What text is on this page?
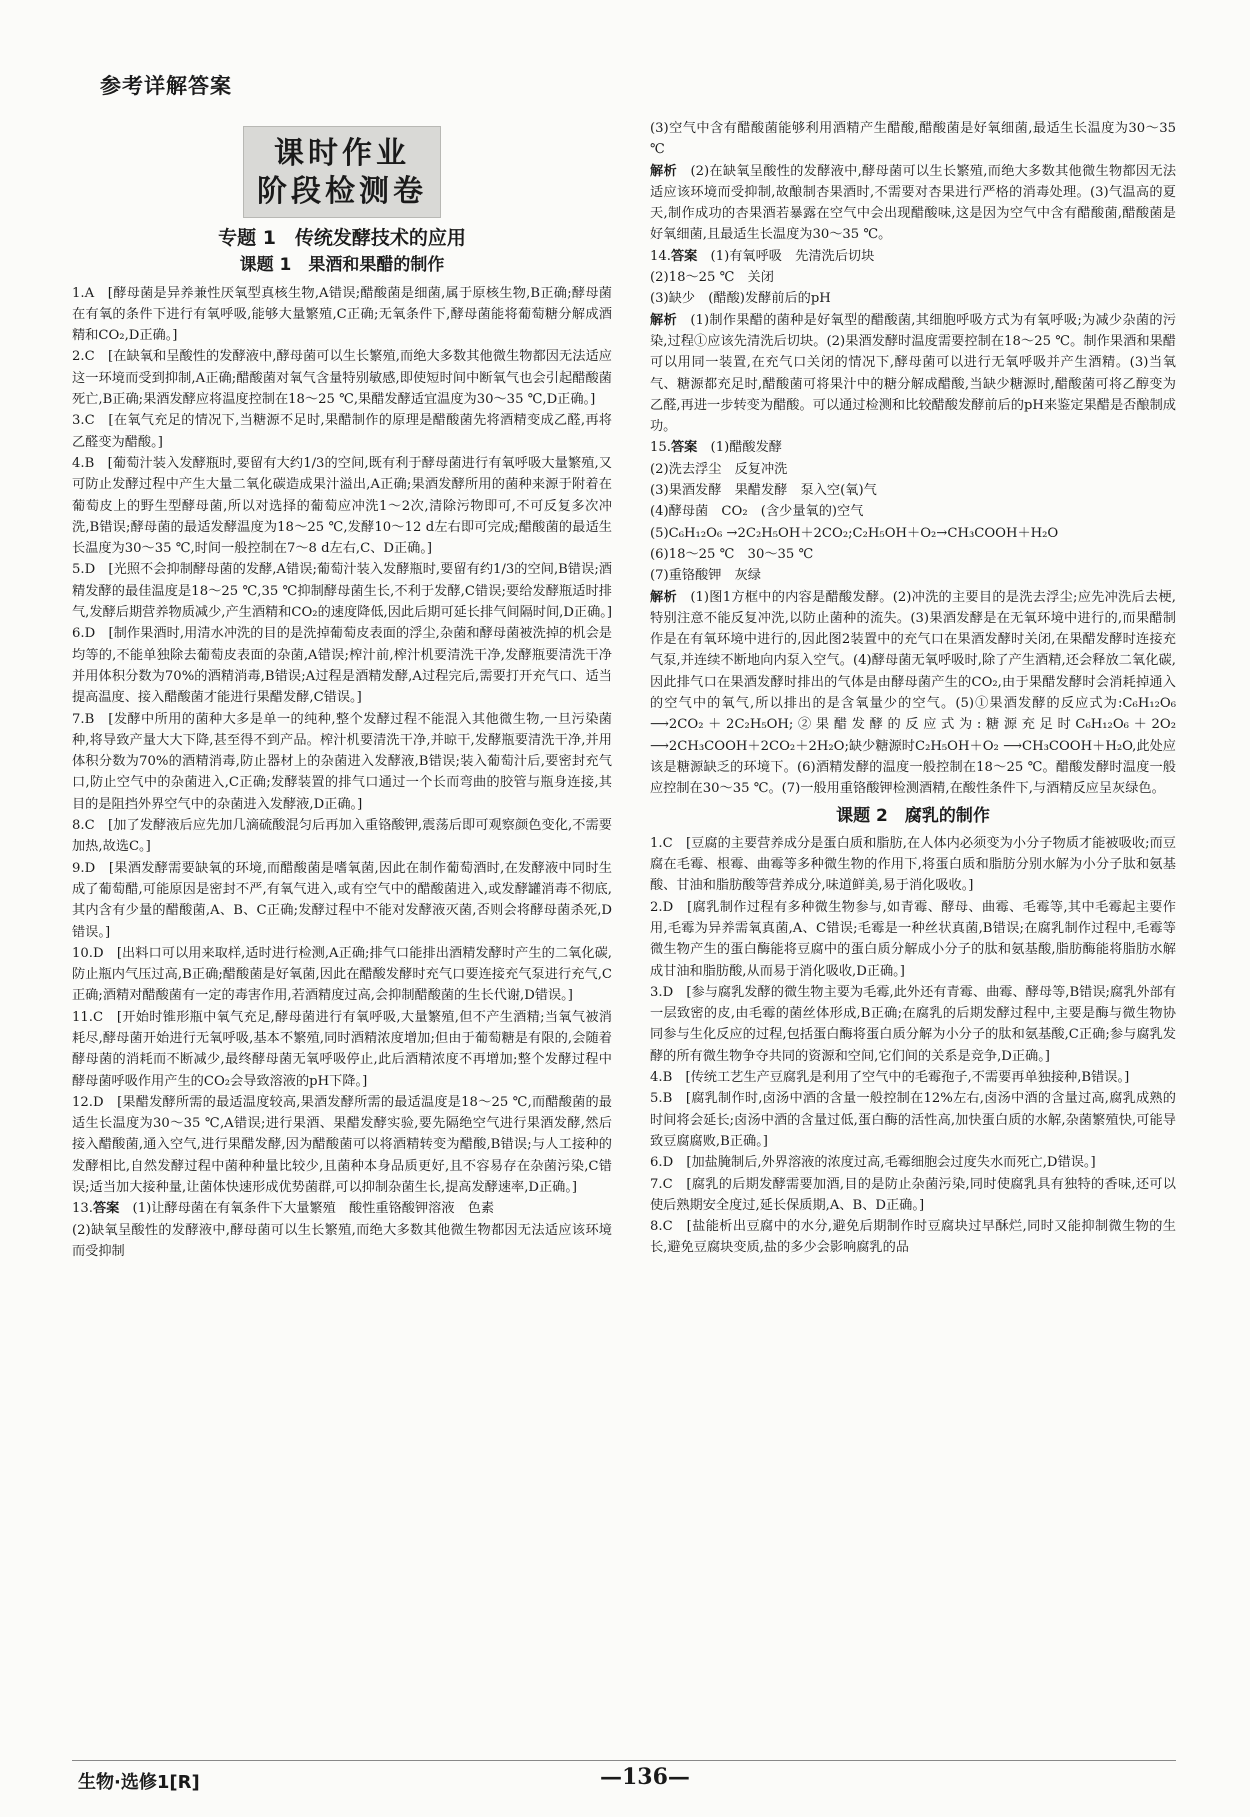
参考详解答案
课时作业
阶段检测卷
专题 1　传统发酵技术的应用
课题 1　果酒和果醋的制作

1.A　[酵母菌是异养兼性厌氧型真核生物,A错误;醋酸菌是细菌,属于原核生物,B正确;酵母菌在有氧的条件下进行有氧呼吸,能够大量繁殖,C正确;无氧条件下,酵母菌能将葡萄糖分解成酒精和CO₂,D正确。]

2.C　[在缺氧和呈酸性的发酵液中,酵母菌可以生长繁殖,而绝大多数其他微生物都因无法适应这一环境而受到抑制,A正确;醋酸菌对氧气含量特别敏感,即使短时间中断氧气也会引起醋酸菌死亡,B正确;果酒发酵应将温度控制在18～25 ℃,果醋发酵适宜温度为30～35 ℃,D正确。]

3.C　[在氧气充足的情况下,当糖源不足时,果醋制作的原理是醋酸菌先将酒精变成乙醛,再将乙醛变为醋酸。]

4.B　[葡萄汁装入发酵瓶时,要留有大约1/3的空间,既有利于酵母菌进行有氧呼吸大量繁殖,又可防止发酵过程中产生大量二氧化碳造成果汁溢出,A正确;果酒发酵所用的菌种来源于附着在葡萄皮上的野生型酵母菌,所以对选择的葡萄应冲洗1～2次,清除污物即可,不可反复多次冲洗,B错误;酵母菌的最适发酵温度为18～25 ℃,发酵10～12 d左右即可完成;醋酸菌的最适生长温度为30～35 ℃,时间一般控制在7～8 d左右,C、D正确。]

5.D　[光照不会抑制酵母菌的发酵,A错误;葡萄汁装入发酵瓶时,要留有约1/3的空间,B错误;酒精发酵的最佳温度是18～25 ℃,35 ℃抑制酵母菌生长,不利于发酵,C错误;要给发酵瓶适时排气,发酵后期营养物质减少,产生酒精和CO₂的速度降低,因此后期可延长排气间隔时间,D正确。]

6.D　[制作果酒时,用清水冲洗的目的是洗掉葡萄皮表面的浮尘,杂菌和酵母菌被洗掉的机会是均等的,不能单独除去葡萄皮表面的杂菌,A错误;榨汁前,榨汁机要清洗干净,发酵瓶要清洗干净并用体积分数为70%的酒精消毒,B错误;A过程是酒精发酵,A过程完后,需要打开充气口、适当提高温度、接入醋酸菌才能进行果醋发酵,C错误。]

7.B　[发酵中所用的菌种大多是单一的纯种,整个发酵过程不能混入其他微生物,一旦污染菌种,将导致产量大大下降,甚至得不到产品。榨汁机要清洗干净,并晾干,发酵瓶要清洗干净,并用体积分数为70%的酒精消毒,防止器材上的杂菌进入发酵液,B错误;装入葡萄汁后,要密封充气口,防止空气中的杂菌进入,C正确;发酵装置的排气口通过一个长而弯曲的胶管与瓶身连接,其目的是阻挡外界空气中的杂菌进入发酵液,D正确。]

8.C　[加了发酵液后应先加几滴硫酸混匀后再加入重铬酸钾,震荡后即可观察颜色变化,不需要加热,故选C。]

9.D　[果酒发酵需要缺氧的环境,而醋酸菌是嗜氧菌,因此在制作葡萄酒时,在发酵液中同时生成了葡萄醋,可能原因是密封不严,有氧气进入,或有空气中的醋酸菌进入,或发酵罐消毒不彻底,其内含有少量的醋酸菌,A、B、C正确;发酵过程中不能对发酵液灭菌,否则会将酵母菌杀死,D错误。]

10.D　[出料口可以用来取样,适时进行检测,A正确;排气口能排出酒精发酵时产生的二氧化碳,防止瓶内气压过高,B正确;醋酸菌是好氧菌,因此在醋酸发酵时充气口要连接充气泵进行充气,C正确;酒精对醋酸菌有一定的毒害作用,若酒精度过高,会抑制醋酸菌的生长代谢,D错误。]

11.C　[开始时锥形瓶中氧气充足,酵母菌进行有氧呼吸,大量繁殖,但不产生酒精;当氧气被消耗尽,酵母菌开始进行无氧呼吸,基本不繁殖,同时酒精浓度增加;但由于葡萄糖是有限的,会随着酵母菌的消耗而不断减少,最终酵母菌无氧呼吸停止,此后酒精浓度不再增加;整个发酵过程中酵母菌呼吸作用产生的CO₂会导致溶液的pH下降。]

12.D　[果醋发酵所需的最适温度较高,果酒发酵所需的最适温度是18～25 ℃,而醋酸菌的最适生长温度为30～35 ℃,A错误;进行果酒、果醋发酵实验,要先隔绝空气进行果酒发酵,然后接入醋酸菌,通入空气,进行果醋发酵,因为醋酸菌可以将酒精转变为醋酸,B错误;与人工接种的发酵相比,自然发酵过程中菌种种量比较少,且菌种本身品质更好,且不容易存在杂菌污染,C错误;适当加大接种量,让菌体快速形成优势菌群,可以抑制杂菌生长,提高发酵速率,D正确。]

13.答案　 (1)让酵母菌在有氧条件下大量繁殖　酸性重铬酸钾溶液　色素

(2)缺氧呈酸性的发酵液中,酵母菌可以生长繁殖,而绝大多数其他微生物都因无法适应该环境而受抑制

(3)空气中含有醋酸菌能够利用酒精产生醋酸,醋酸菌是好氧细菌,最适生长温度为30～35 ℃

解析　 (2)在缺氧呈酸性的发酵液中,酵母菌可以生长繁殖,而绝大多数其他微生物都因无法适应该环境而受抑制,故酿制杏果酒时,不需要对杏果进行严格的消毒处理。(3)气温高的夏天,制作成功的杏果酒若暴露在空气中会出现醋酸味,这是因为空气中含有醋酸菌,醋酸菌是好氧细菌,且最适生长温度为30～35 ℃。

14.答案　 (1)有氧呼吸　先清洗后切块

(2)18～25 ℃　关闭

(3)缺少　(醋酸)发酵前后的pH

解析　 (1)制作果醋的菌种是好氧型的醋酸菌,其细胞呼吸方式为有氧呼吸;为减少杂菌的污染,过程①应该先清洗后切块。(2)果酒发酵时温度需要控制在18～25 ℃。制作果酒和果醋可以用同一装置,在充气口关闭的情况下,酵母菌可以进行无氧呼吸并产生酒精。(3)当氧气、糖源都充足时,醋酸菌可将果汁中的糖分解成醋酸,当缺少糖源时,醋酸菌可将乙醇变为乙醛,再进一步转变为醋酸。可以通过检测和比较醋酸发酵前后的pH来鉴定果醋是否酿制成功。

15.答案　 (1)醋酸发酵

(2)洗去浮尘　反复冲洗

(3)果酒发酵　果醋发酵　泵入空(氧)气

(4)酵母菌　CO₂　(含少量氧的)空气

(5)C₆H₁₂O₆ →2C₂H₅OH＋2CO₂;C₂H₅OH＋O₂→CH₃COOH＋H₂O

(6)18～25 ℃　30～35 ℃

(7)重铬酸钾　灰绿

解析　 (1)图1方框中的内容是醋酸发酵。(2)冲洗的主要目的是洗去浮尘;应先冲洗后去梗,特别注意不能反复冲洗,以防止菌种的流失。(3)果酒发酵是在无氧环境中进行的,而果醋制作是在有氧环境中进行的,因此图2装置中的充气口在果酒发酵时关闭,在果醋发酵时连接充气泵,并连续不断地向内泵入空气。(4)酵母菌无氧呼吸时,除了产生酒精,还会释放二氧化碳,因此排气口在果酒发酵时排出的气体是由酵母菌产生的CO₂,由于果醋发酵时会消耗掉通入的空气中的氧气,所以排出的是含氧量少的空气。(5)①果酒发酵的反应式为:C₆H₁₂O₆ ⟶2CO₂＋2C₂H₅OH;②果醋发酵的反应式为:糖源充足时C₆H₁₂O₆＋2O₂ ⟶2CH₃COOH＋2CO₂＋2H₂O;缺少糖源时C₂H₅OH＋O₂ ⟶CH₃COOH＋H₂O,此处应该是糖源缺乏的环境下。(6)酒精发酵的温度一般控制在18～25 ℃。醋酸发酵时温度一般应控制在30～35 ℃。(7)一般用重铬酸钾检测酒精,在酸性条件下,与酒精反应呈灰绿色。

课题 2　腐乳的制作

1.C　[豆腐的主要营养成分是蛋白质和脂肪,在人体内必须变为小分子物质才能被吸收;而豆腐在毛霉、根霉、曲霉等多种微生物的作用下,将蛋白质和脂肪分别水解为小分子肽和氨基酸、甘油和脂肪酸等营养成分,味道鲜美,易于消化吸收。]

2.D　[腐乳制作过程有多种微生物参与,如青霉、酵母、曲霉、毛霉等,其中毛霉起主要作用,毛霉为异养需氧真菌,A、C错误;毛霉是一种丝状真菌,B错误;在腐乳制作过程中,毛霉等微生物产生的蛋白酶能将豆腐中的蛋白质分解成小分子的肽和氨基酸,脂肪酶能将脂肪水解成甘油和脂肪酸,从而易于消化吸收,D正确。]

3.D　[参与腐乳发酵的微生物主要为毛霉,此外还有青霉、曲霉、酵母等,B错误;腐乳外部有一层致密的皮,由毛霉的菌丝体形成,B正确;在腐乳的后期发酵过程中,主要是酶与微生物协同参与生化反应的过程,包括蛋白酶将蛋白质分解为小分子的肽和氨基酸,C正确;参与腐乳发酵的所有微生物争夺共同的资源和空间,它们间的关系是竞争,D正确。]

4.B　[传统工艺生产豆腐乳是利用了空气中的毛霉孢子,不需要再单独接种,B错误。]

5.B　[腐乳制作时,卤汤中酒的含量一般控制在12%左右,卤汤中酒的含量过高,腐乳成熟的时间将会延长;卤汤中酒的含量过低,蛋白酶的活性高,加快蛋白质的水解,杂菌繁殖快,可能导致豆腐腐败,B正确。]

6.D　[加盐腌制后,外界溶液的浓度过高,毛霉细胞会过度失水而死亡,D错误。]

7.C　[腐乳的后期发酵需要加酒,目的是防止杂菌污染,同时使腐乳具有独特的香味,还可以使后熟期安全度过,延长保质期,A、B、D正确。]

8.C　[盐能析出豆腐中的水分,避免后期制作时豆腐块过早酥烂,同时又能抑制微生物的生长,避免豆腐块变质,盐的多少会影响腐乳的品

生物·选修1[R]	—136—
